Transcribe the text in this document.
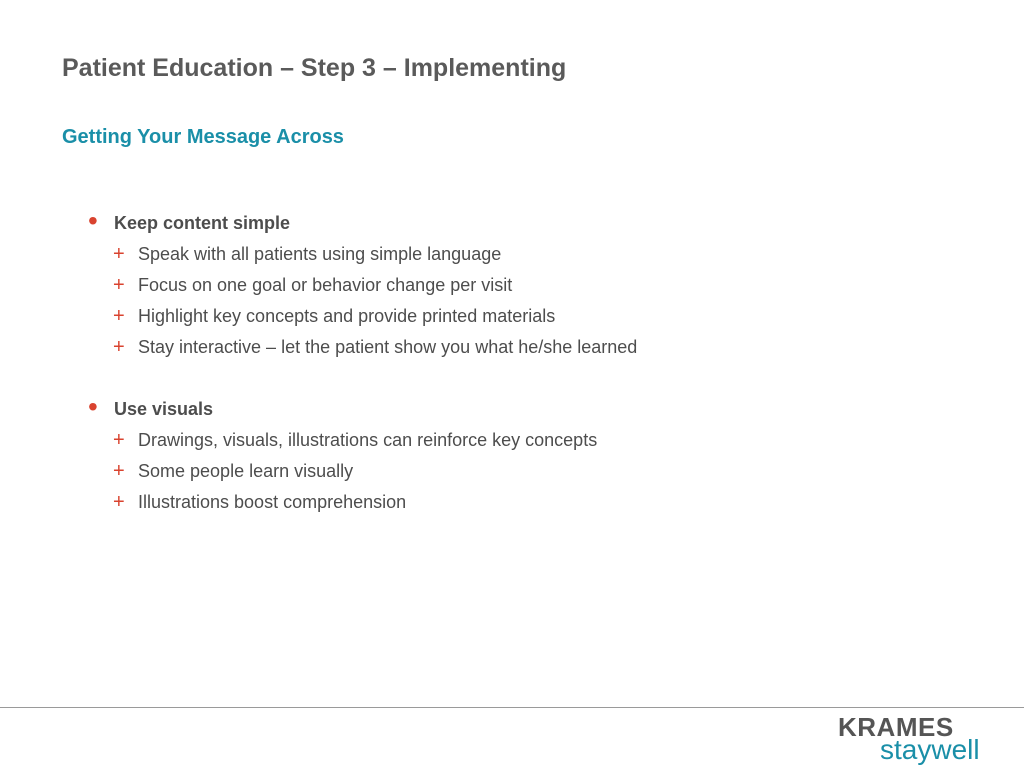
Patient Education – Step 3 – Implementing
Getting Your Message Across
• Keep content simple
+ Speak with all patients using simple language
+ Focus on one goal or behavior change per visit
+ Highlight key concepts and provide printed materials
+ Stay interactive – let the patient show you what he/she learned
• Use visuals
+ Drawings, visuals, illustrations can reinforce key concepts
+ Some people learn visually
+ Illustrations boost comprehension
KRAMES
staywell
